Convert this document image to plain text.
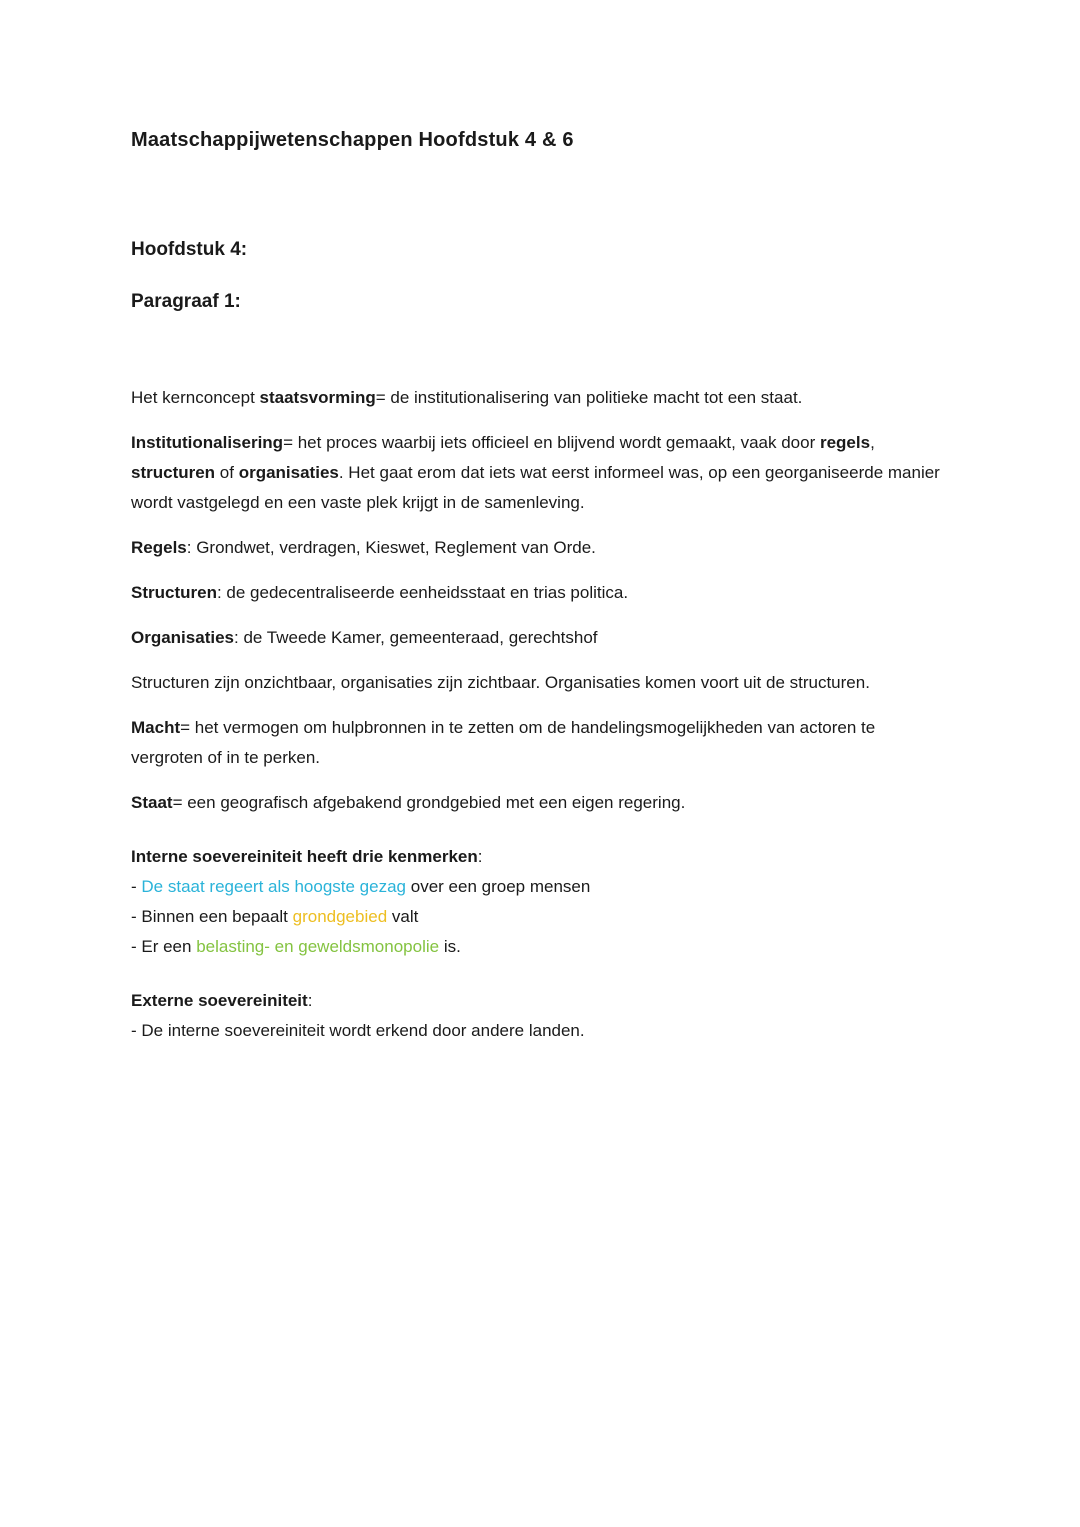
Maatschappijwetenschappen Hoofdstuk 4 & 6
Hoofdstuk 4:
Paragraaf 1:

Het kernconcept staatsvorming= de institutionalisering van politieke macht tot een staat.

Institutionalisering= het proces waarbij iets officieel en blijvend wordt gemaakt, vaak door regels, structuren of organisaties. Het gaat erom dat iets wat eerst informeel was, op een georganiseerde manier wordt vastgelegd en een vaste plek krijgt in de samenleving.

Regels: Grondwet, verdragen, Kieswet, Reglement van Orde.

Structuren: de gedecentraliseerde eenheidsstaat en trias politica.

Organisaties: de Tweede Kamer, gemeenteraad, gerechtshof

Structuren zijn onzichtbaar, organisaties zijn zichtbaar. Organisaties komen voort uit de structuren.

Macht= het vermogen om hulpbronnen in te zetten om de handelingsmogelijkheden van actoren te vergroten of in te perken.

Staat= een geografisch afgebakend grondgebied met een eigen regering.

Interne soevereiniteit heeft drie kenmerken:
- De staat regeert als hoogste gezag over een groep mensen
- Binnen een bepaalt grondgebied valt
- Er een belasting- en geweldsmonopolie is.
Externe soevereiniteit:
- De interne soevereiniteit wordt erkend door andere landen.
